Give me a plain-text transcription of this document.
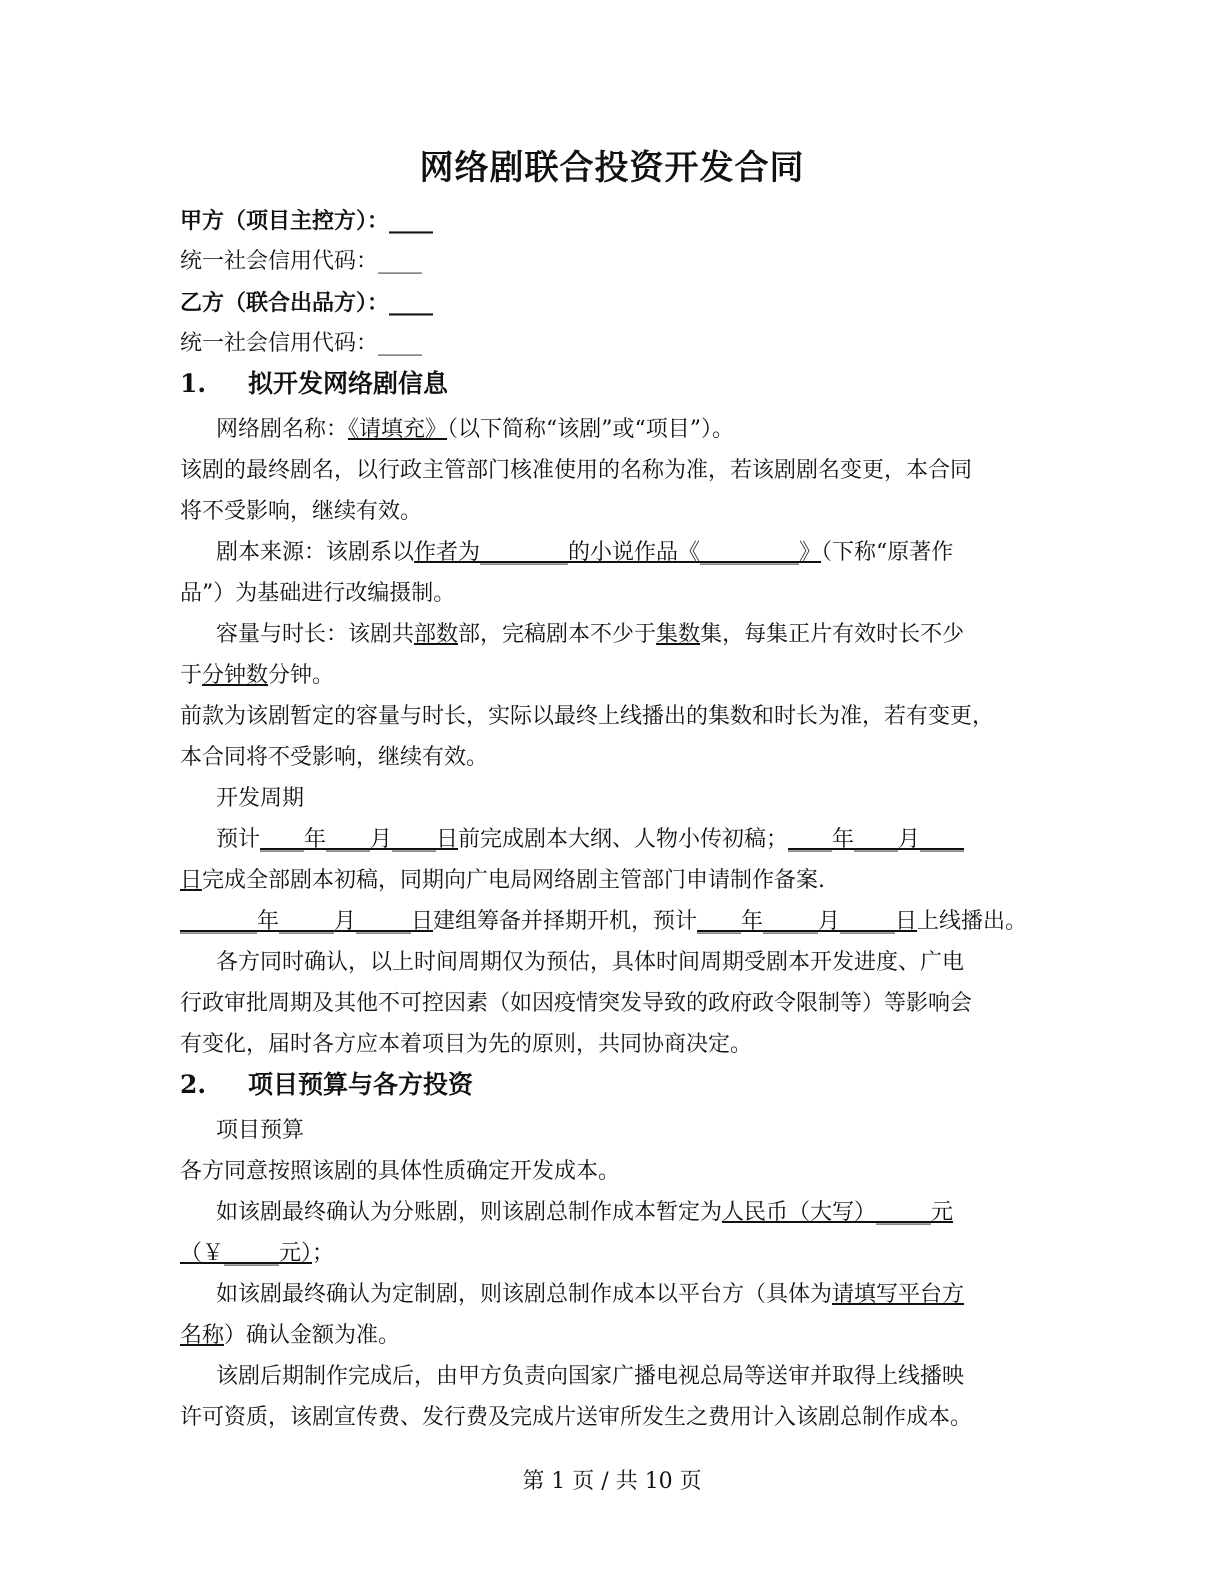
网络剧联合投资开发合同
甲方（项目主控方）：____
统一社会信用代码：____
乙方（联合出品方）：____
统一社会信用代码：____
1. 拟开发网络剧信息
网络剧名称：《请填充》（以下简称“该剧”或“项目”）。
该剧的最终剧名，以行政主管部门核准使用的名称为准，若该剧剧名变更，本合同
将不受影响，继续有效。
剧本来源：该剧系以作者为________的小说作品《_________》（下称“原著作
品”）为基础进行改编摄制。
容量与时长：该剧共部数部，完稿剧本不少于集数集，每集正片有效时长不少
于分钟数分钟。
前款为该剧暂定的容量与时长，实际以最终上线播出的集数和时长为准，若有变更，
本合同将不受影响，继续有效。
开发周期
预计____年____月____日前完成剧本大纲、人物小传初稿；____年____月____
日完成全部剧本初稿，同期向广电局网络剧主管部门申请制作备案.
_______年_____月_____日建组筹备并择期开机，预计____年_____月_____日上线播出。
各方同时确认，以上时间周期仅为预估，具体时间周期受剧本开发进度、广电
行政审批周期及其他不可控因素（如因疫情突发导致的政府政令限制等）等影响会
有变化，届时各方应本着项目为先的原则，共同协商决定。
2. 项目预算与各方投资
项目预算
各方同意按照该剧的具体性质确定开发成本。
如该剧最终确认为分账剧，则该剧总制作成本暂定为人民币（大写）_____元
（￥_____元）；
如该剧最终确认为定制剧，则该剧总制作成本以平台方（具体为请填写平台方
名称）确认金额为准。
该剧后期制作完成后，由甲方负责向国家广播电视总局等送审并取得上线播映
许可资质，该剧宣传费、发行费及完成片送审所发生之费用计入该剧总制作成本。
第 1 页 / 共 10 页
